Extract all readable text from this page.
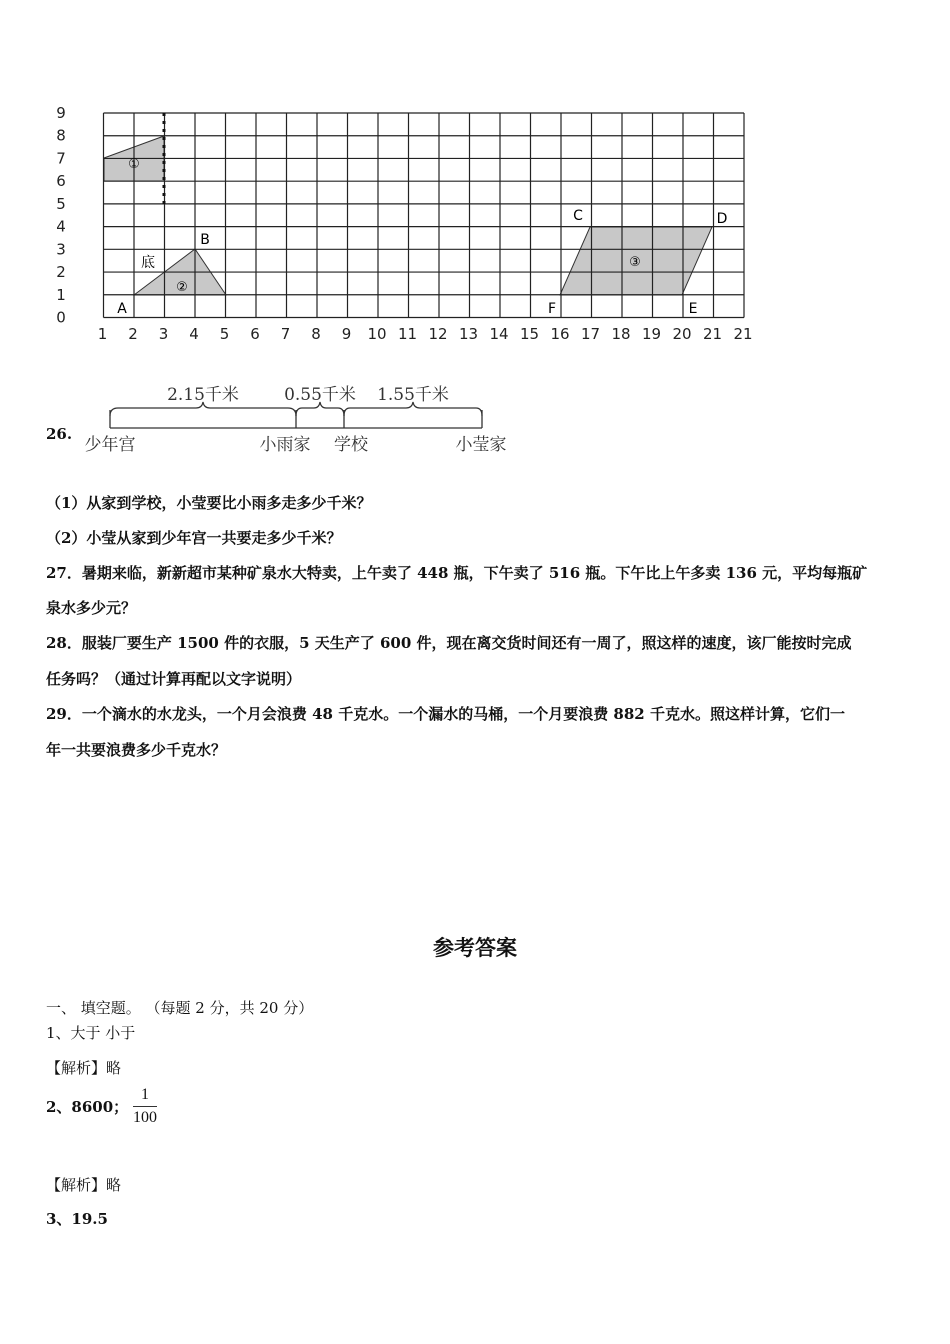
①
②
③
底
A
B
C	D
E
F
0
1
2
3
4
5
6
7
8
9
1 2 3 4 5 6 7 8 9 10 11 12 13 14 15 16 17 18 19 20 21 21
26.
2.15千米	0.55千米 1.55千米
少年宫	小雨家 学校	小莹家
（1）从家到学校，小莹要比小雨多走多少千米？
（2）小莹从家到少年宫一共要走多少千米？
27．暑期来临，新新超市某种矿泉水大特卖，上午卖了 448 瓶，下午卖了 516 瓶。下午比上午多卖 136 元，平均每瓶矿
泉水多少元？
28．服装厂要生产 1500 件的衣服，5 天生产了 600 件，现在离交货时间还有一周了，照这样的速度，该厂能按时完成
任务吗？（通过计算再配以文字说明）
29．一个滴水的水龙头，一个月会浪费 48 千克水。一个漏水的马桶，一个月要浪费 882 千克水。照这样计算，它们一
年一共要浪费多少千克水？
参考答案
一、 填空题。 （每题 2 分，共 20 分）
1、大于 小于
【解析】略
2、8600； $\frac{1}{100}$
【解析】略
3、19.5
